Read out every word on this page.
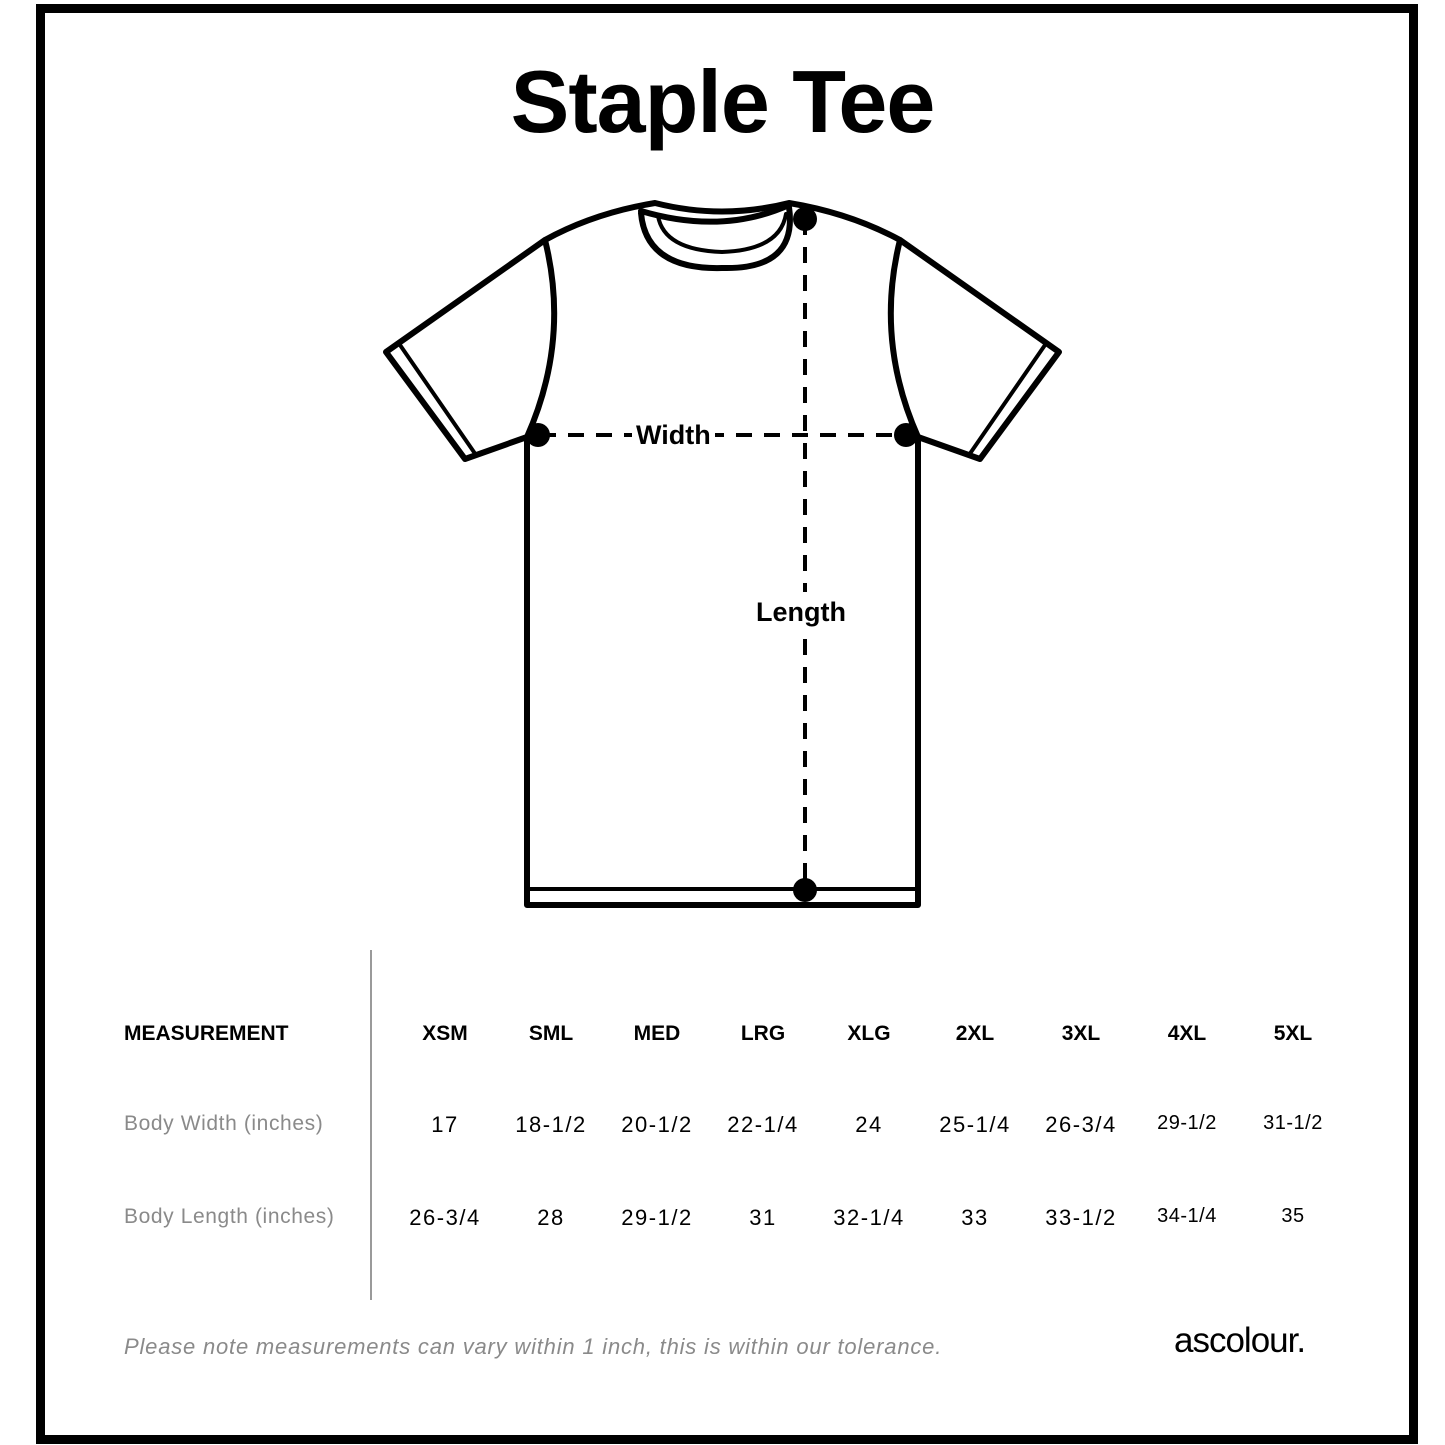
Staple Tee
Width
Length
MEASUREMENT	XSM	SML	MED	LRG	XLG	2XL	3XL	4XL	5XL
Body Width (inches)	17	18-1/2	20-1/2	22-1/4	24	25-1/4	26-3/4	29-1/2	31-1/2
Body Length (inches)	26-3/4	28	29-1/2	31	32-1/4	33	33-1/2	34-1/4	35
Please note measurements can vary within 1 inch, this is within our tolerance.	ascolour.
